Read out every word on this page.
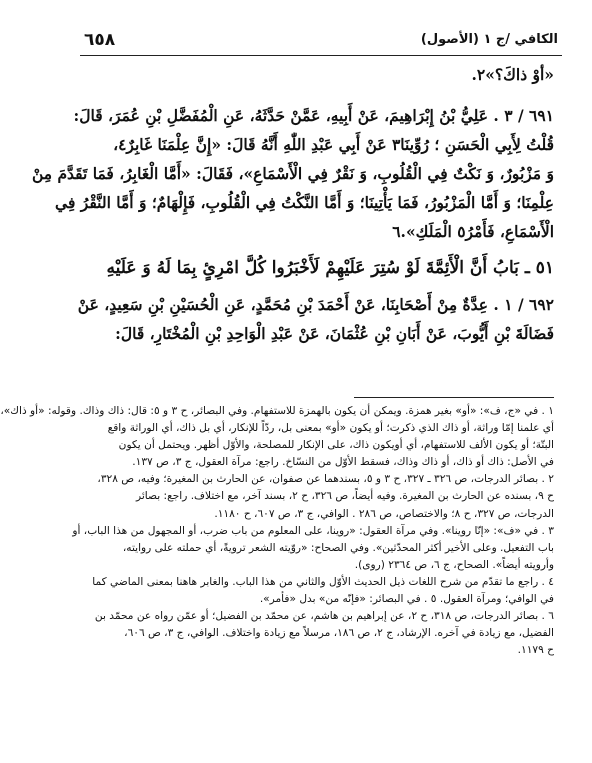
٦٥٨	الكافي /ج ١ (الأصول)
«أوْ ذاكَ؟»٢.
٦٩١ / ٣ . عَلِيُّ بْنُ إِبْرَاهِيمَ، عَنْ أَبِيهِ، عَمَّنْ حَدَّثَهُ، عَنِ الْمُفَضَّلِ بْنِ عُمَرَ، قَالَ:
قُلْتُ لِأَبِي الْحَسَنِ ؛ رُوِّينَا٣ عَنْ أَبِي عَبْدِ اللّٰهِ أَنَّهُ قَالَ: «إِنَّ عِلْمَنَا غَابِرٌ٤،
وَ مَزْبُورٌ، وَ نَكْتٌ فِي الْقُلُوبِ، وَ نَقْرٌ فِي الْأَسْمَاعِ»، فَقَالَ: «أَمَّا الْغَابِرُ، فَمَا تَقَدَّمَ مِنْ
عِلْمِنَا؛ وَ أَمَّا الْمَزْبُورُ، فَمَا يَأْتِينَا؛ وَ أَمَّا النَّكْتُ فِي الْقُلُوبِ، فَإِلْهَامٌ؛ وَ أَمَّا النَّقْرُ فِي
الْأَسْمَاعِ، فَأَمْرُ٥ الْمَلَكِ».٦
٥١ ـ بَابُ أَنَّ الْأَئِمَّةَ لَوْ سُتِرَ عَلَيْهِمْ لَأَخْبَرُوا كُلَّ امْرِئٍ بِمَا لَهُ وَ عَلَيْهِ
٦٩٢ / ١ . عِدَّةٌ مِنْ أَصْحَابِنَا، عَنْ أَحْمَدَ بْنِ مُحَمَّدٍ، عَنِ الْحُسَيْنِ بْنِ سَعِيدٍ، عَنْ
فَضَالَةَ بْنِ أَيُّوبَ، عَنْ أَبَانِ بْنِ عُثْمَانَ، عَنْ عَبْدِ الْوَاحِدِ بْنِ الْمُخْتَارِ، قَالَ:
١ . في «ج، ف»: «أو» بغير همزة. ويمكن أن يكون بالهمزة للاستفهام. وفي البصائر، ح ٣ و ٥: قال: ذاك وذاك. وقوله: «أو ذاك»،
أي علمنا إمّا وراثة، أو ذاك الذي ذكرت؛ أو يكون «أو» بمعنى بل، ردّاً للإنكار، أي بل ذاك، أي الوراثة واقع
البتّة؛ أو يكون الألف للاستفهام، أي أويكون ذاك، على الإنكار للمصلحة، والأوّل أظهر. ويحتمل أن يكون
في الأصل: ذاك أو ذاك، أو ذاك وذاك، فسقط الأوّل من النسّاخ. راجع: مرآة العقول، ج ٣، ص ١٣٧.
٢ . بصائر الدرجات، ص ٣٢٦ ـ ٣٢٧، ح ٣ و ٥، بسندهما عن صفوان، عن الحارث بن المغيرة؛ وفيه، ص ٣٢٨،
ح ٩، بسنده عن الحارث بن المغيرة. وفيه أيضاً، ص ٣٢٦، ح ٢، بسند آخر، مع اختلاف. راجع: بصائر
الدرجات، ص ٣٢٧، ح ٨؛ والاختصاص، ص ٢٨٦ . الوافي، ج ٣، ص ٦٠٧، ح ١١٨٠.
٣ . في «ف»: «إنّا روينا». وفي مرآة العقول: «روينا، على المعلوم من باب ضرب، أو المجهول من هذا الباب، أو
باب التفعيل. وعلى الأخير أكثر المحدّثين». وفي الصحاح: «روّيته الشعر ترويةً، أي حملته على روايته،
وأرويته أيضاً». الصحاح، ج ٦، ص ٢٣٦٤ (روى).
٤ . راجع ما تقدّم من شرح اللغات ذيل الحديث الأوّل والثاني من هذا الباب. والغابر هاهنا بمعنى الماضي كما
في الوافي؛ ومرآة العقول. ٥ . في البصائر: «فإنّه من» بدل «فأمر».
٦ . بصائر الدرجات، ص ٣١٨، ح ٢، عن إبراهيم بن هاشم، عن محمّد بن الفضيل؛ أو عمّن رواه عن محمّد بن
الفضيل، مع زيادة في آخره. الإرشاد، ج ٢، ص ١٨٦، مرسلاً مع زيادة واختلاف. الوافي، ج ٣، ص ٦٠٦،
ح ١١٧٩.
